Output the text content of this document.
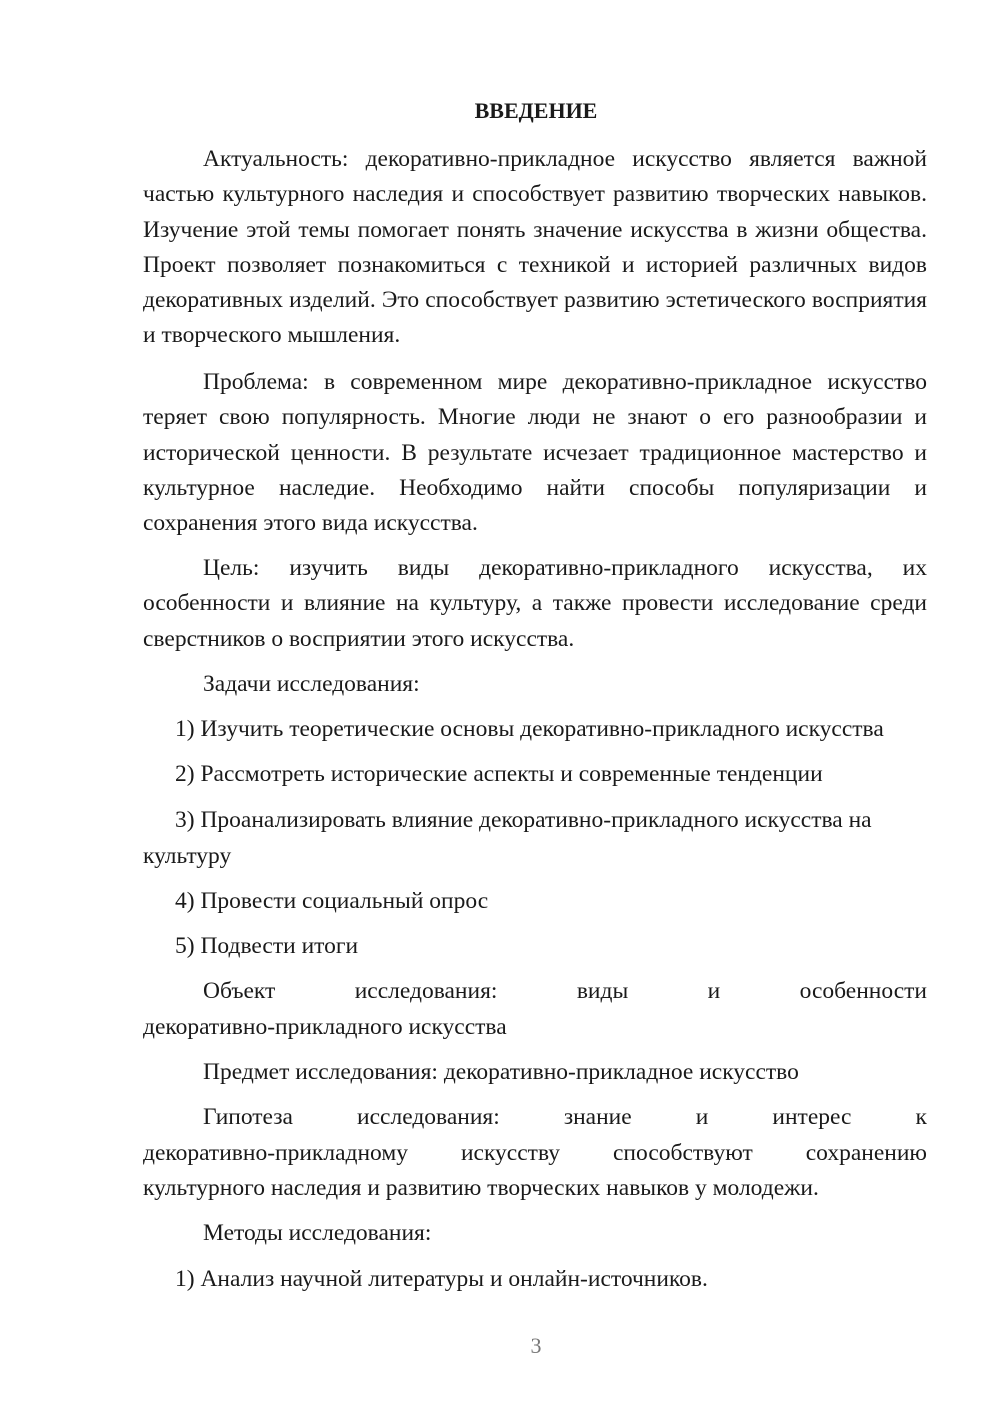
ВВЕДЕНИЕ

Актуальность: декоративно-прикладное искусство является важной частью культурного наследия и способствует развитию творческих навыков. Изучение этой темы помогает понять значение искусства в жизни общества. Проект позволяет познакомиться с техникой и историей различных видов декоративных изделий. Это способствует развитию эстетического восприятия и творческого мышления.

Проблема: в современном мире декоративно-прикладное искусство теряет свою популярность. Многие люди не знают о его разнообразии и исторической ценности. В результате исчезает традиционное мастерство и культурное наследие. Необходимо найти способы популяризации и сохранения этого вида искусства.

Цель: изучить виды декоративно-прикладного искусства, их особенности и влияние на культуру, а также провести исследование среди сверстников о восприятии этого искусства.

Задачи исследования:

1) Изучить теоретические основы декоративно-прикладного искусства

2) Рассмотреть исторические аспекты и современные тенденции

3) Проанализировать влияние декоративно-прикладного искусства на

культуру

4) Провести социальный опрос

5) Подвести итоги

Объект	исследования:	виды	и	особенности

декоративно-прикладного искусства

Предмет исследования: декоративно-прикладное искусство

Гипотеза	исследования:	знание	и	интерес	к
декоративно-прикладному искусству способствуют сохранению

культурного наследия и развитию творческих навыков у молодежи.

Методы исследования:

1) Анализ научной литературы и онлайн-источников.

3
